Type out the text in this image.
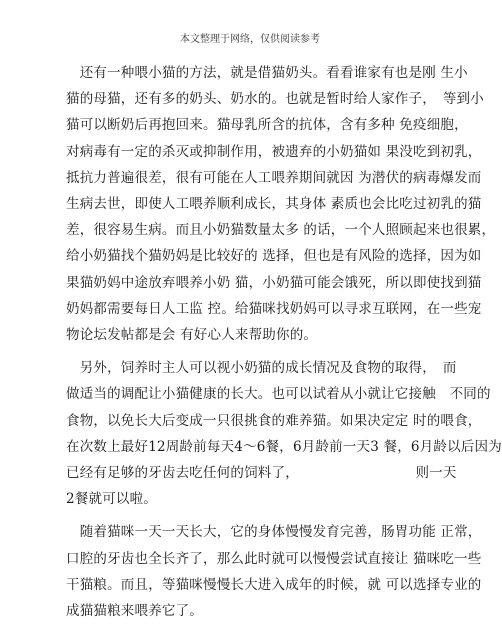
本文整理于网络，仅供阅读参考
　还有一种喂小猫的方法，就是借猫奶头。看看谁家有也是刚 生小
猫的母猫，还有多的奶头、奶水的。也就是暂时给人家作子，　等到小
猫可以断奶后再抱回来。猫母乳所含的抗体，含有多种 免疫细胞，
对病毒有一定的杀灭或抑制作用，被遗弃的小奶猫如 果没吃到初乳，
抵抗力普遍很差，很有可能在人工喂养期间就因 为潜伏的病毒爆发而
生病去世，即使人工喂养顺利成长，其身体 素质也会比吃过初乳的猫
差，很容易生病。而且小奶猫数量太多 的话，一个人照顾起来也很累，
给小奶猫找个猫奶妈是比较好的 选择，但也是有风险的选择，因为如
果猫奶妈中途放弃喂养小奶 猫，小奶猫可能会饿死，所以即使找到猫
奶妈都需要每日人工监 控。给猫咪找奶妈可以寻求互联网，在一些宠
物论坛发帖都是会 有好心人来帮助你的。
　另外，饲养时主人可以视小奶猫的成长情况及食物的取得，　而
做适当的调配让小猫健康的长大。也可以试着从小就让它接触　不同的
食物，以免长大后变成一只很挑食的难养猫。如果决定定 时的喂食，
在次数上最好12周龄前每天4～6餐，6月龄前一天3 餐，6月龄以后因为
已经有足够的牙齿去吃任何的饲料了，　　　　　　　　　则一天
2餐就可以啦。
　随着猫咪一天一天长大，它的身体慢慢发育完善，肠胃功能 正常，
口腔的牙齿也全长齐了，那么此时就可以慢慢尝试直接让 猫咪吃一些
干猫粮。而且，等猫咪慢慢长大进入成年的时候，就 可以选择专业的
成猫猫粮来喂养它了。
